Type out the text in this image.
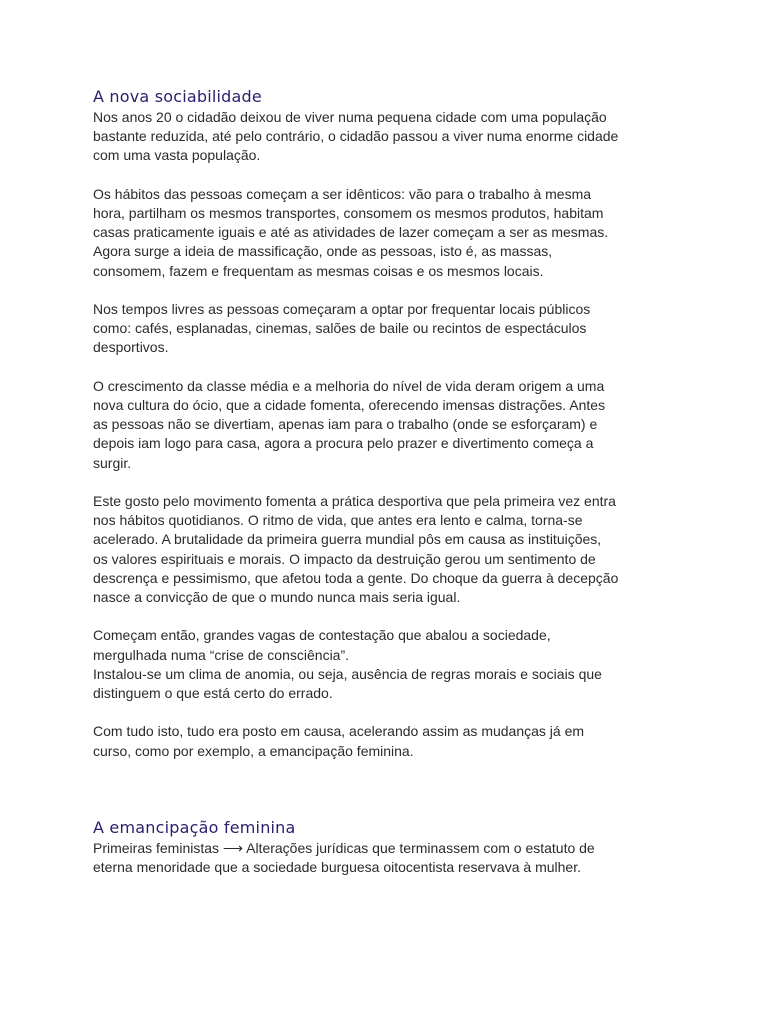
A nova sociabilidade

Nos anos 20 o cidadão deixou de viver numa pequena cidade com uma população
bastante reduzida, até pelo contrário, o cidadão passou a viver numa enorme cidade
com uma vasta população.

Os hábitos das pessoas começam a ser idênticos: vão para o trabalho à mesma
hora, partilham os mesmos transportes, consomem os mesmos produtos, habitam
casas praticamente iguais e até as atividades de lazer começam a ser as mesmas.
Agora surge a ideia de massificação, onde as pessoas, isto é, as massas,
consomem, fazem e frequentam as mesmas coisas e os mesmos locais.

Nos tempos livres as pessoas começaram a optar por frequentar locais públicos
como: cafés, esplanadas, cinemas, salões de baile ou recintos de espectáculos
desportivos.

O crescimento da classe média e a melhoria do nível de vida deram origem a uma
nova cultura do ócio, que a cidade fomenta, oferecendo imensas distrações. Antes
as pessoas não se divertiam, apenas iam para o trabalho (onde se esforçaram) e
depois iam logo para casa, agora a procura pelo prazer e divertimento começa a
surgir.

Este gosto pelo movimento fomenta a prática desportiva que pela primeira vez entra
nos hábitos quotidianos. O ritmo de vida, que antes era lento e calma, torna-se
acelerado. A brutalidade da primeira guerra mundial pôs em causa as instituições,
os valores espirituais e morais. O impacto da destruição gerou um sentimento de
descrença e pessimismo, que afetou toda a gente. Do choque da guerra à decepção
nasce a convicção de que o mundo nunca mais seria igual.

Começam então, grandes vagas de contestação que abalou a sociedade,
mergulhada numa “crise de consciência”.
Instalou-se um clima de anomia, ou seja, ausência de regras morais e sociais que
distinguem o que está certo do errado.

Com tudo isto, tudo era posto em causa, acelerando assim as mudanças já em
curso, como por exemplo, a emancipação feminina.

A emancipação feminina

Primeiras feministas ⟶ Alterações jurídicas que terminassem com o estatuto de
eterna menoridade que a sociedade burguesa oitocentista reservava à mulher.
